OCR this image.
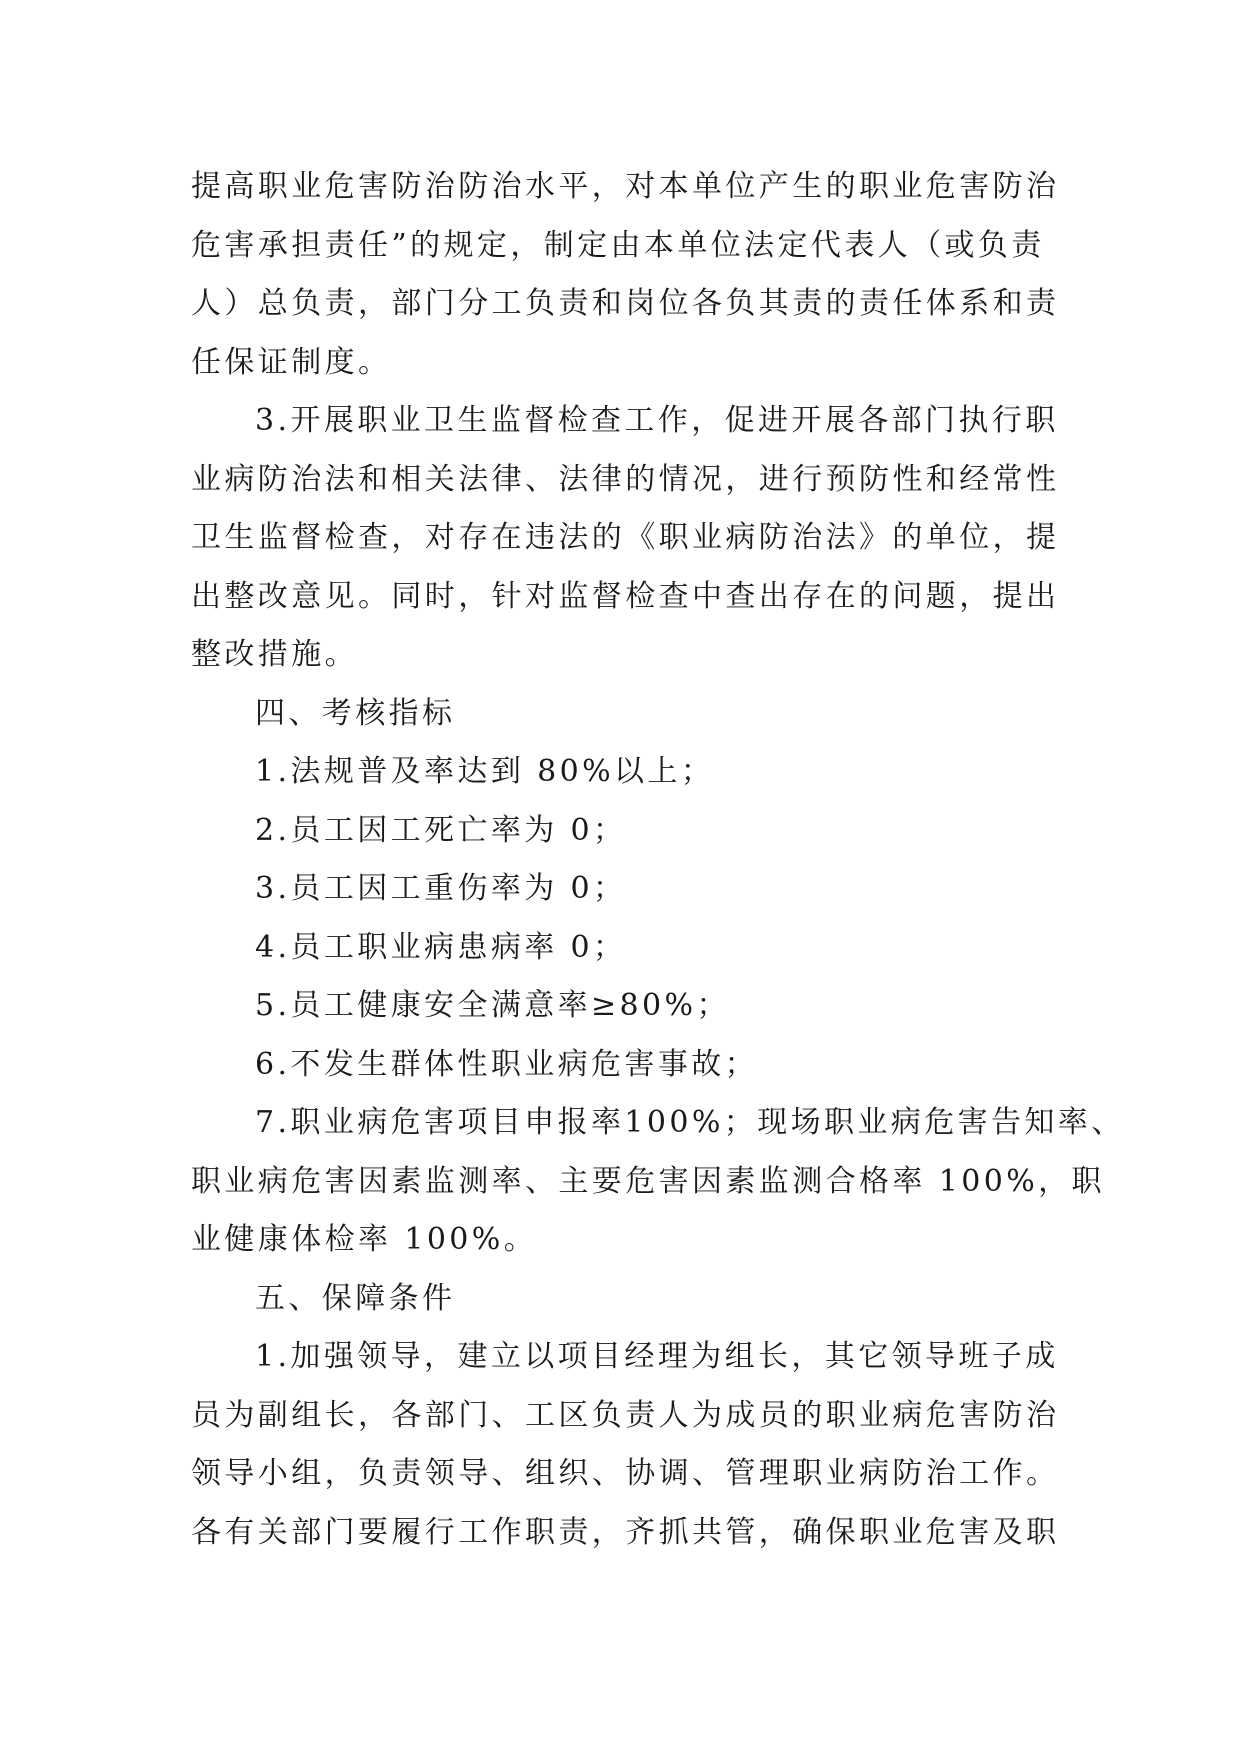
提高职业危害防治防治水平，对本单位产生的职业危害防治
危害承担责任”的规定，制定由本单位法定代表人（或负责
人）总负责，部门分工负责和岗位各负其责的责任体系和责
任保证制度。
3.开展职业卫生监督检查工作，促进开展各部门执行职
业病防治法和相关法律、法律的情况，进行预防性和经常性
卫生监督检查，对存在违法的《职业病防治法》的单位，提
出整改意见。同时，针对监督检查中查出存在的问题，提出
整改措施。
四、考核指标
1.法规普及率达到 80%以上；
2.员工因工死亡率为 0；
3.员工因工重伤率为 0；
4.员工职业病患病率 0；
5.员工健康安全满意率≥80%；
6.不发生群体性职业病危害事故；
7.职业病危害项目申报率100%；现场职业病危害告知率、
职业病危害因素监测率、主要危害因素监测合格率 100%，职
业健康体检率 100%。
五、保障条件
1.加强领导，建立以项目经理为组长，其它领导班子成
员为副组长，各部门、工区负责人为成员的职业病危害防治
领导小组，负责领导、组织、协调、管理职业病防治工作。
各有关部门要履行工作职责，齐抓共管，确保职业危害及职
